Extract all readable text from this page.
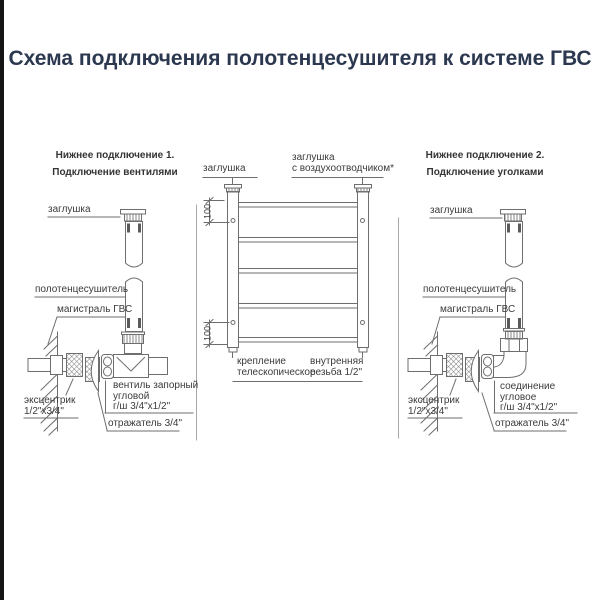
Схема подключения полотенцесушителя к системе ГВС
100
100
Нижнее подключение 1.
Подключение вентилями
заглушка
полотенцесушитель
магистраль ГВС
эксцентрик
1/2"x3/4"
вентиль запорный
угловой
г/ш 3/4"x1/2"
отражатель 3/4"
заглушка
заглушка
с воздухоотводчиком*
крепление
телескопическое
внутренняя
резьба 1/2"
Нижнее подключение 2.
Подключение уголками
заглушка
полотенцесушитель
магистраль ГВС
эксцентрик
1/2"x3/4"
соединение
угловое
г/ш 3/4"x1/2"
отражатель 3/4"
